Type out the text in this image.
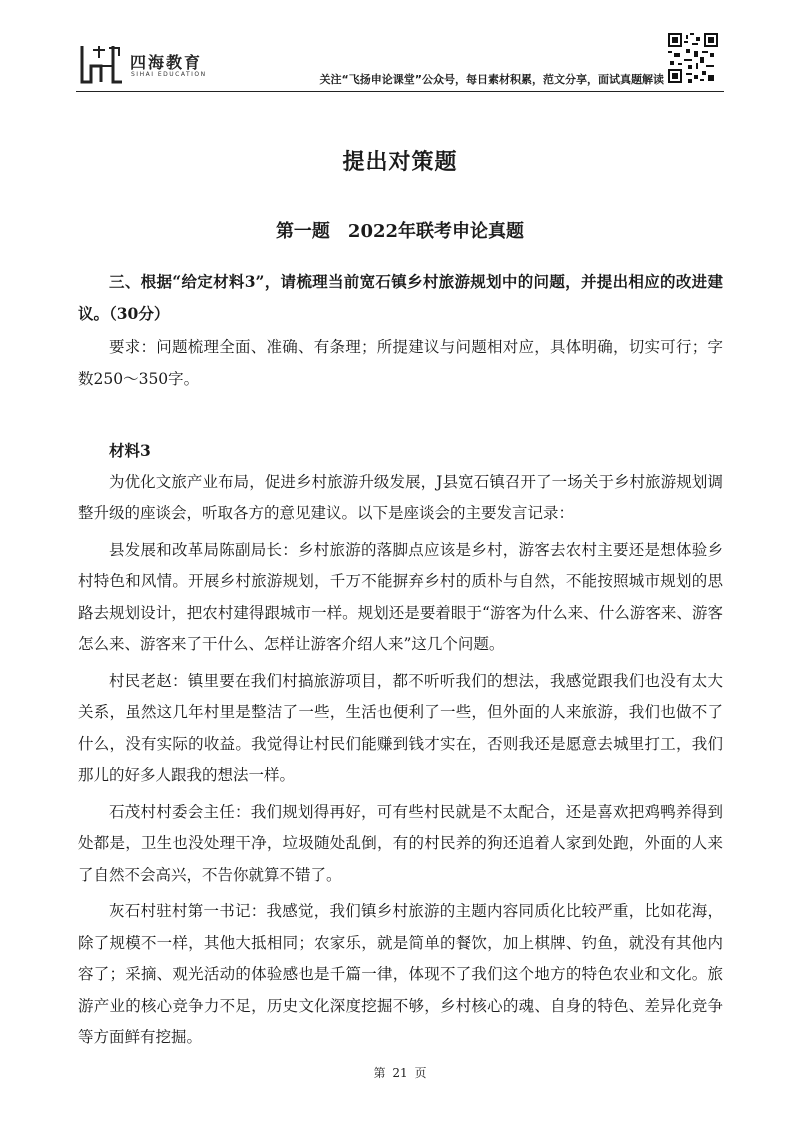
四海教育
SIHAI EDUCATION	关注“飞扬申论课堂”公众号，每日素材积累，范文分享，面试真题解读
提出对策题
第一题　2022年联考申论真题

三、根据“给定材料3”，请梳理当前宽石镇乡村旅游规划中的问题，并提出相应的改进建议。（30分）

要求：问题梳理全面、准确、有条理；所提建议与问题相对应，具体明确，切实可行；字数250～350字。

材料3

为优化文旅产业布局，促进乡村旅游升级发展，J县宽石镇召开了一场关于乡村旅游规划调整升级的座谈会，听取各方的意见建议。以下是座谈会的主要发言记录：

县发展和改革局陈副局长：乡村旅游的落脚点应该是乡村，游客去农村主要还是想体验乡村特色和风情。开展乡村旅游规划，千万不能摒弃乡村的质朴与自然，不能按照城市规划的思路去规划设计，把农村建得跟城市一样。规划还是要着眼于“游客为什么来、什么游客来、游客怎么来、游客来了干什么、怎样让游客介绍人来”这几个问题。

村民老赵：镇里要在我们村搞旅游项目，都不听听我们的想法，我感觉跟我们也没有太大关系，虽然这几年村里是整洁了一些，生活也便利了一些，但外面的人来旅游，我们也做不了什么，没有实际的收益。我觉得让村民们能赚到钱才实在，否则我还是愿意去城里打工，我们那儿的好多人跟我的想法一样。

石茂村村委会主任：我们规划得再好，可有些村民就是不太配合，还是喜欢把鸡鸭养得到处都是，卫生也没处理干净，垃圾随处乱倒，有的村民养的狗还追着人家到处跑，外面的人来了自然不会高兴，不告你就算不错了。

灰石村驻村第一书记：我感觉，我们镇乡村旅游的主题内容同质化比较严重，比如花海，除了规模不一样，其他大抵相同；农家乐，就是简单的餐饮，加上棋牌、钓鱼，就没有其他内容了；采摘、观光活动的体验感也是千篇一律，体现不了我们这个地方的特色农业和文化。旅游产业的核心竞争力不足，历史文化深度挖掘不够，乡村核心的魂、自身的特色、差异化竞争等方面鲜有挖掘。

第 21 页
